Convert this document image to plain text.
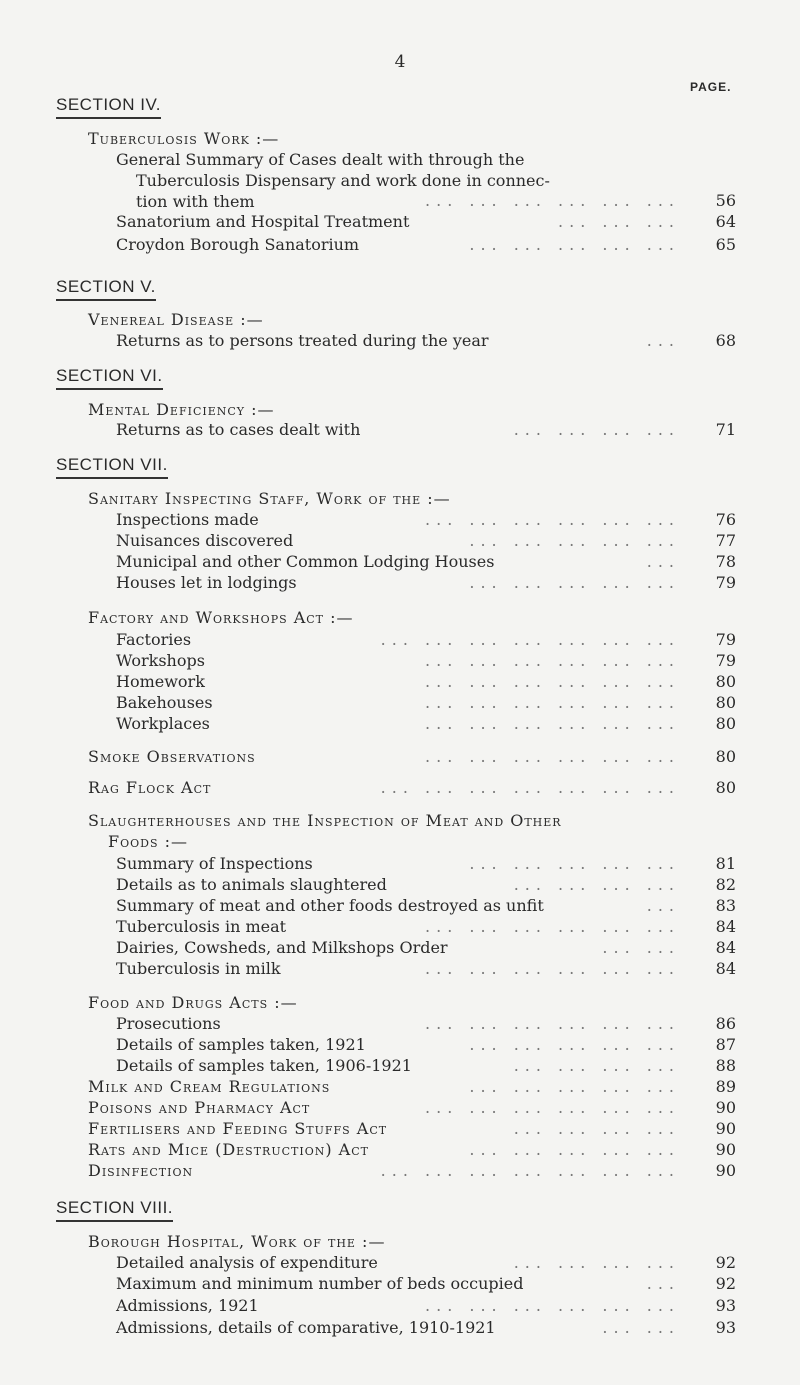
4
PAGE.
SECTION IV.
Tuberculosis Work :—
General Summary of Cases dealt with through the
Tuberculosis Dispensary and work done in connec-
tion with them	... ... ... ... ... ...	56
Sanatorium and Hospital Treatment	... ... ...	64
Croydon Borough Sanatorium	... ... ... ... ...	65
SECTION V.
Venereal Disease :—
Returns as to persons treated during the year	...	68
SECTION VI.
Mental Deficiency :—
Returns as to cases dealt with	... ... ... ...	71
SECTION VII.
Sanitary Inspecting Staff, Work of the :—
Inspections made	... ... ... ... ... ...	76
Nuisances discovered	... ... ... ... ...	77
Municipal and other Common Lodging Houses	...	78
Houses let in lodgings	... ... ... ... ...	79
Factory and Workshops Act :—
Factories	... ... ... ... ... ... ...	79
Workshops	... ... ... ... ... ...	79
Homework	... ... ... ... ... ...	80
Bakehouses	... ... ... ... ... ...	80
Workplaces	... ... ... ... ... ...	80
Smoke Observations	... ... ... ... ... ...	80
Rag Flock Act	... ... ... ... ... ... ...	80
Slaughterhouses and the Inspection of Meat and Other
Foods :—
Summary of Inspections	... ... ... ... ...	81
Details as to animals slaughtered	... ... ... ...	82
Summary of meat and other foods destroyed as unfit	...	83
Tuberculosis in meat	... ... ... ... ... ...	84
Dairies, Cowsheds, and Milkshops Order	... ...	84
Tuberculosis in milk	... ... ... ... ... ...	84
Food and Drugs Acts :—
Prosecutions	... ... ... ... ... ...	86
Details of samples taken, 1921	... ... ... ... ...	87
Details of samples taken, 1906-1921	... ... ... ...	88
Milk and Cream Regulations	... ... ... ... ...	89
Poisons and Pharmacy Act	... ... ... ... ... ...	90
Fertilisers and Feeding Stuffs Act	... ... ... ...	90
Rats and Mice (Destruction) Act	... ... ... ... ...	90
Disinfection	... ... ... ... ... ... ...	90
SECTION VIII.
Borough Hospital, Work of the :—
Detailed analysis of expenditure	... ... ... ...	92
Maximum and minimum number of beds occupied	...	92
Admissions, 1921	... ... ... ... ... ...	93
Admissions, details of comparative, 1910-1921	... ...	93
